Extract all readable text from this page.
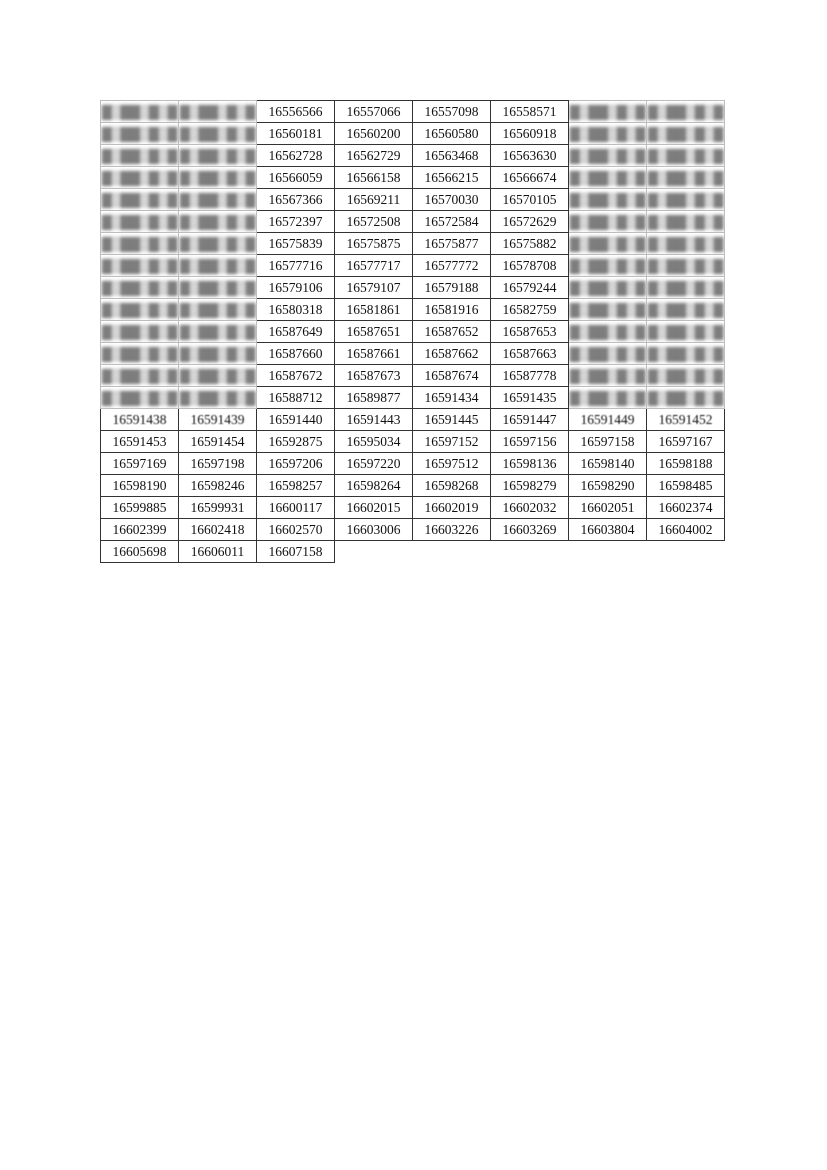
▓▒▓▓▒▓▒▓	▓▒▓▓▒▓▒▓	16556566	16557066	16557098	16558571	▓▒▓▓▒▓▒▓	▓▒▓▓▒▓▒▓
▓▒▓▓▒▓▒▓	▓▒▓▓▒▓▒▓	16560181	16560200	16560580	16560918	▓▒▓▓▒▓▒▓	▓▒▓▓▒▓▒▓
▓▒▓▓▒▓▒▓	▓▒▓▓▒▓▒▓	16562728	16562729	16563468	16563630	▓▒▓▓▒▓▒▓	▓▒▓▓▒▓▒▓
▓▒▓▓▒▓▒▓	▓▒▓▓▒▓▒▓	16566059	16566158	16566215	16566674	▓▒▓▓▒▓▒▓	▓▒▓▓▒▓▒▓
▓▒▓▓▒▓▒▓	▓▒▓▓▒▓▒▓	16567366	16569211	16570030	16570105	▓▒▓▓▒▓▒▓	▓▒▓▓▒▓▒▓
▓▒▓▓▒▓▒▓	▓▒▓▓▒▓▒▓	16572397	16572508	16572584	16572629	▓▒▓▓▒▓▒▓	▓▒▓▓▒▓▒▓
▓▒▓▓▒▓▒▓	▓▒▓▓▒▓▒▓	16575839	16575875	16575877	16575882	▓▒▓▓▒▓▒▓	▓▒▓▓▒▓▒▓
▓▒▓▓▒▓▒▓	▓▒▓▓▒▓▒▓	16577716	16577717	16577772	16578708	▓▒▓▓▒▓▒▓	▓▒▓▓▒▓▒▓
▓▒▓▓▒▓▒▓	▓▒▓▓▒▓▒▓	16579106	16579107	16579188	16579244	▓▒▓▓▒▓▒▓	▓▒▓▓▒▓▒▓
▓▒▓▓▒▓▒▓	▓▒▓▓▒▓▒▓	16580318	16581861	16581916	16582759	▓▒▓▓▒▓▒▓	▓▒▓▓▒▓▒▓
▓▒▓▓▒▓▒▓	▓▒▓▓▒▓▒▓	16587649	16587651	16587652	16587653	▓▒▓▓▒▓▒▓	▓▒▓▓▒▓▒▓
▓▒▓▓▒▓▒▓	▓▒▓▓▒▓▒▓	16587660	16587661	16587662	16587663	▓▒▓▓▒▓▒▓	▓▒▓▓▒▓▒▓
▓▒▓▓▒▓▒▓	▓▒▓▓▒▓▒▓	16587672	16587673	16587674	16587778	▓▒▓▓▒▓▒▓	▓▒▓▓▒▓▒▓
▓▒▓▓▒▓▒▓	▓▒▓▓▒▓▒▓	16588712	16589877	16591434	16591435	▓▒▓▓▒▓▒▓	▓▒▓▓▒▓▒▓
16591438	16591439	16591440	16591443	16591445	16591447	16591449	16591452
16591453	16591454	16592875	16595034	16597152	16597156	16597158	16597167
16597169	16597198	16597206	16597220	16597512	16598136	16598140	16598188
16598190	16598246	16598257	16598264	16598268	16598279	16598290	16598485
16599885	16599931	16600117	16602015	16602019	16602032	16602051	16602374
16602399	16602418	16602570	16603006	16603226	16603269	16603804	16604002
16605698	16606011	16607158					
